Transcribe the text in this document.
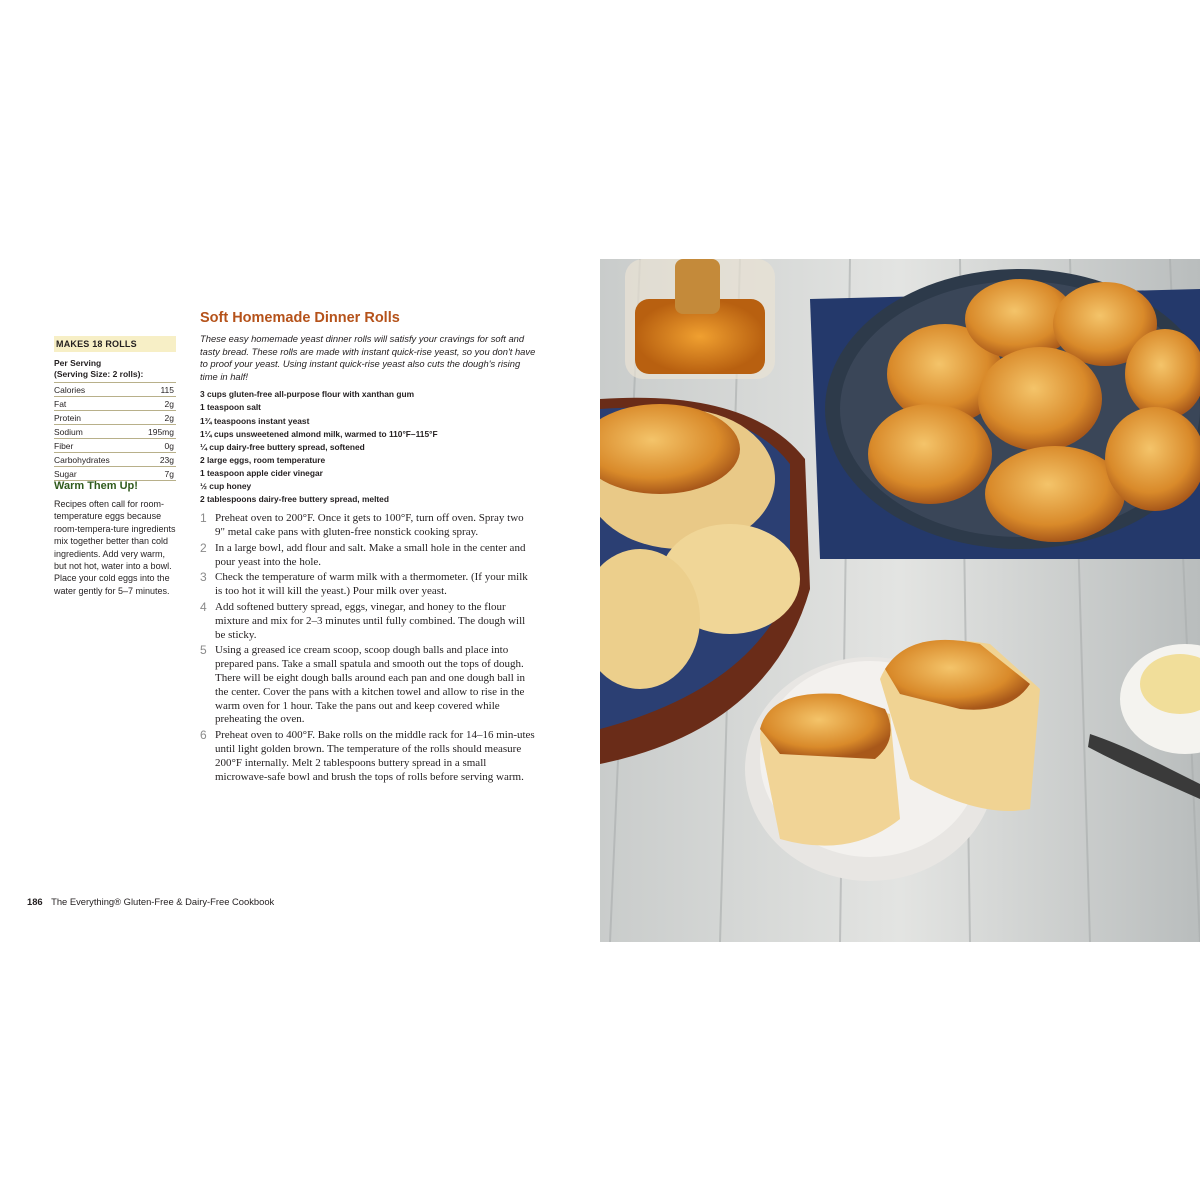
MAKES 18 ROLLS
Per Serving
(Serving Size: 2 rolls):
Calories	115
Fat	2g
Protein	2g
Sodium	195mg
Fiber	0g
Carbohydrates	23g
Sugar	7g
Warm Them Up!
Recipes often call for room-temperature eggs because room-tempera-ture ingredients mix together better than cold ingredients. Add very warm, but not hot, water into a bowl. Place your cold eggs into the water gently for 5–7 minutes.
Soft Homemade Dinner Rolls
These easy homemade yeast dinner rolls will satisfy your cravings for soft and tasty bread. These rolls are made with instant quick-rise yeast, so you don't have to proof your yeast. Using instant quick-rise yeast also cuts the dough's rising time in half!
3 cups gluten-free all-purpose flour with xanthan gum
1 teaspoon salt
1¾ teaspoons instant yeast
1¼ cups unsweetened almond milk, warmed to 110°F–115°F
¼ cup dairy-free buttery spread, softened
2 large eggs, room temperature
1 teaspoon apple cider vinegar
½ cup honey
2 tablespoons dairy-free buttery spread, melted
1 Preheat oven to 200°F. Once it gets to 100°F, turn off oven. Spray two 9" metal cake pans with gluten-free nonstick cooking spray.
2 In a large bowl, add flour and salt. Make a small hole in the center and pour yeast into the hole.
3 Check the temperature of warm milk with a thermometer. (If your milk is too hot it will kill the yeast.) Pour milk over yeast.
4 Add softened buttery spread, eggs, vinegar, and honey to the flour mixture and mix for 2–3 minutes until fully combined. The dough will be sticky.
5 Using a greased ice cream scoop, scoop dough balls and place into prepared pans. Take a small spatula and smooth out the tops of dough. There will be eight dough balls around each pan and one dough ball in the center. Cover the pans with a kitchen towel and allow to rise in the warm oven for 1 hour. Take the pans out and keep covered while preheating the oven.
6 Preheat oven to 400°F. Bake rolls on the middle rack for 14–16 min-utes until light golden brown. The temperature of the rolls should measure 200°F internally. Melt 2 tablespoons buttery spread in a small microwave-safe bowl and brush the tops of rolls before serving warm.
186 The Everything® Gluten-Free & Dairy-Free Cookbook
